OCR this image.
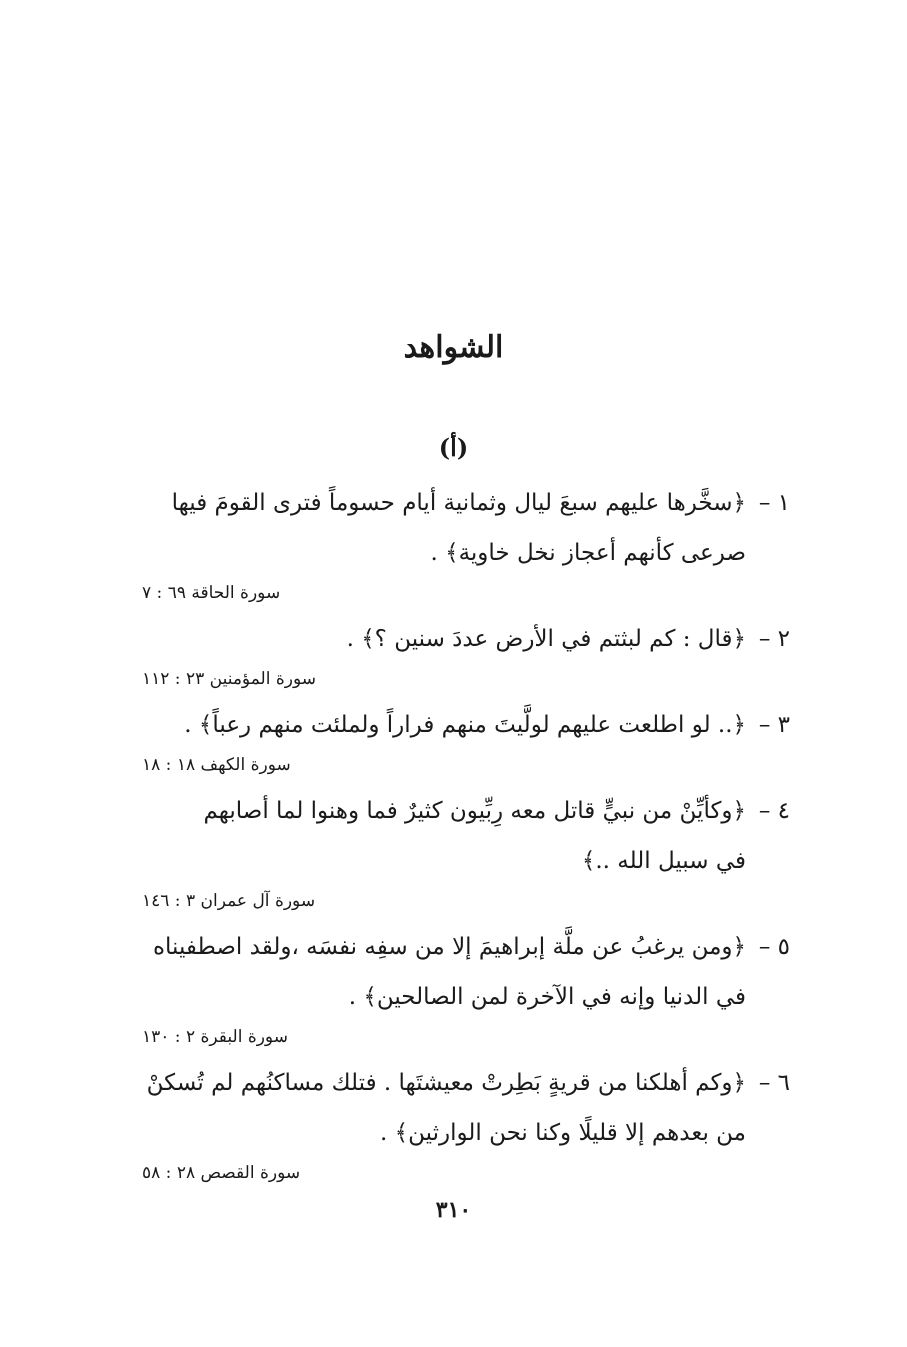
الشواهد
(أ)
١ –
﴿سخَّرها عليهم سبعَ ليال وثمانية أيام حسوماً فترى القومَ فيها
صرعى كأنهم أعجاز نخل خاوية﴾ .
سورة الحاقة ٦٩ : ٧
٢ –
﴿قال : كم لبثتم في الأرض عددَ سنين ؟﴾ .
سورة المؤمنين ٢٣ : ١١٢
٣ –
﴿.. لو اطلعت عليهم لولَّيتَ منهم فراراً ولملئت منهم رعباً﴾ .
سورة الكهف ١٨ : ١٨
٤ –
﴿وكأيِّنْ من نبيٍّ قاتل معه رِبِّيون كثيرٌ فما وهنوا لما أصابهم
في سبيل الله ..﴾
سورة آل عمران ٣ : ١٤٦
٥ –
﴿ومن يرغبُ عن ملَّة إبراهيمَ إلا من سفِه نفسَه ،ولقد اصطفيناه
في الدنيا وإنه في الآخرة لمن الصالحين﴾ .
سورة البقرة ٢ : ١٣٠
٦ –
﴿وكم أهلكنا من قريةٍ بَطِرتْ معيشتَها . فتلك مساكنُهم لم تُسكنْ
من بعدهم إلا قليلًا وكنا نحن الوارثين﴾ .
سورة القصص ٢٨ : ٥٨
٣١٠
